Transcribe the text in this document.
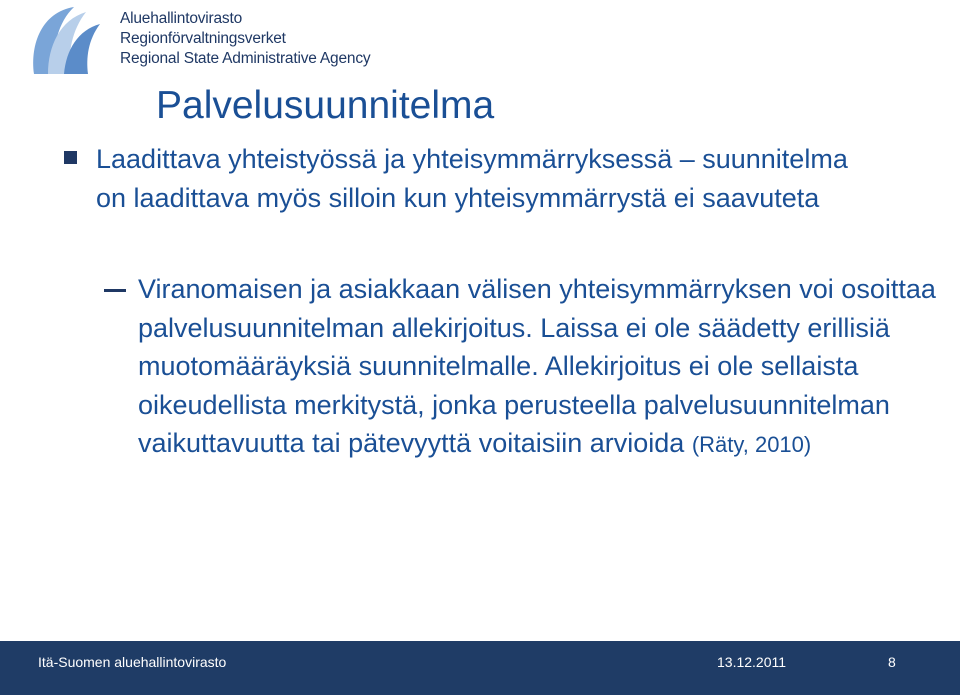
Aluehallintovirasto
Regionförvaltningsverket
Regional State Administrative Agency
Palvelusuunnitelma
Laadittava yhteistyössä ja yhteisymmärryksessä – suunnitelma on laadittava myös silloin kun yhteisymmärrystä ei saavuteta
Viranomaisen ja asiakkaan välisen yhteisymmärryksen voi osoittaa palvelusuunnitelman allekirjoitus. Laissa ei ole säädetty erillisiä muotomääräyksiä suunnitelmalle. Allekirjoitus ei ole sellaista oikeudellista merkitystä, jonka perusteella palvelusuunnitelman vaikuttavuutta tai pätevyyttä voitaisiin arvioida (Räty, 2010)
Itä-Suomen aluehallintovirasto	13.12.2011	8
